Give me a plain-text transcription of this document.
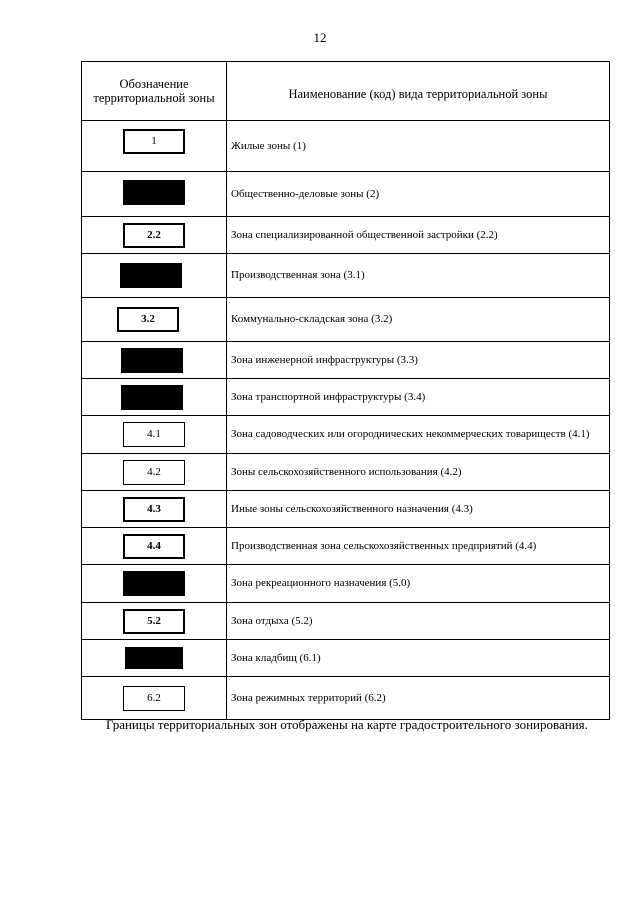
12
Обозначение территориальной зоны	Наименование (код) вида территориальной зоны
1	Жилые зоны (1)
	Общественно-деловые зоны (2)
2.2	Зона специализированной общественной застройки (2.2)
	Производственная зона (3.1)
3.2	Коммунально-складская зона (3.2)
	Зона инженерной инфраструктуры (3.3)
	Зона транспортной инфраструктуры (3.4)
4.1	Зона садоводческих или огороднических некоммерческих товариществ (4.1)
4.2	Зоны сельскохозяйственного использования (4.2)
4.3	Иные зоны сельскохозяйственного назначения (4.3)
4.4	Производственная зона сельскохозяйственных предприятий (4.4)
	Зона рекреационного назначения (5.0)
5.2	Зона отдыха (5.2)
	Зона кладбищ (6.1)
6.2	Зона режимных территорий (6.2)
Границы территориальных зон отображены на карте градостроительного зонирования.
